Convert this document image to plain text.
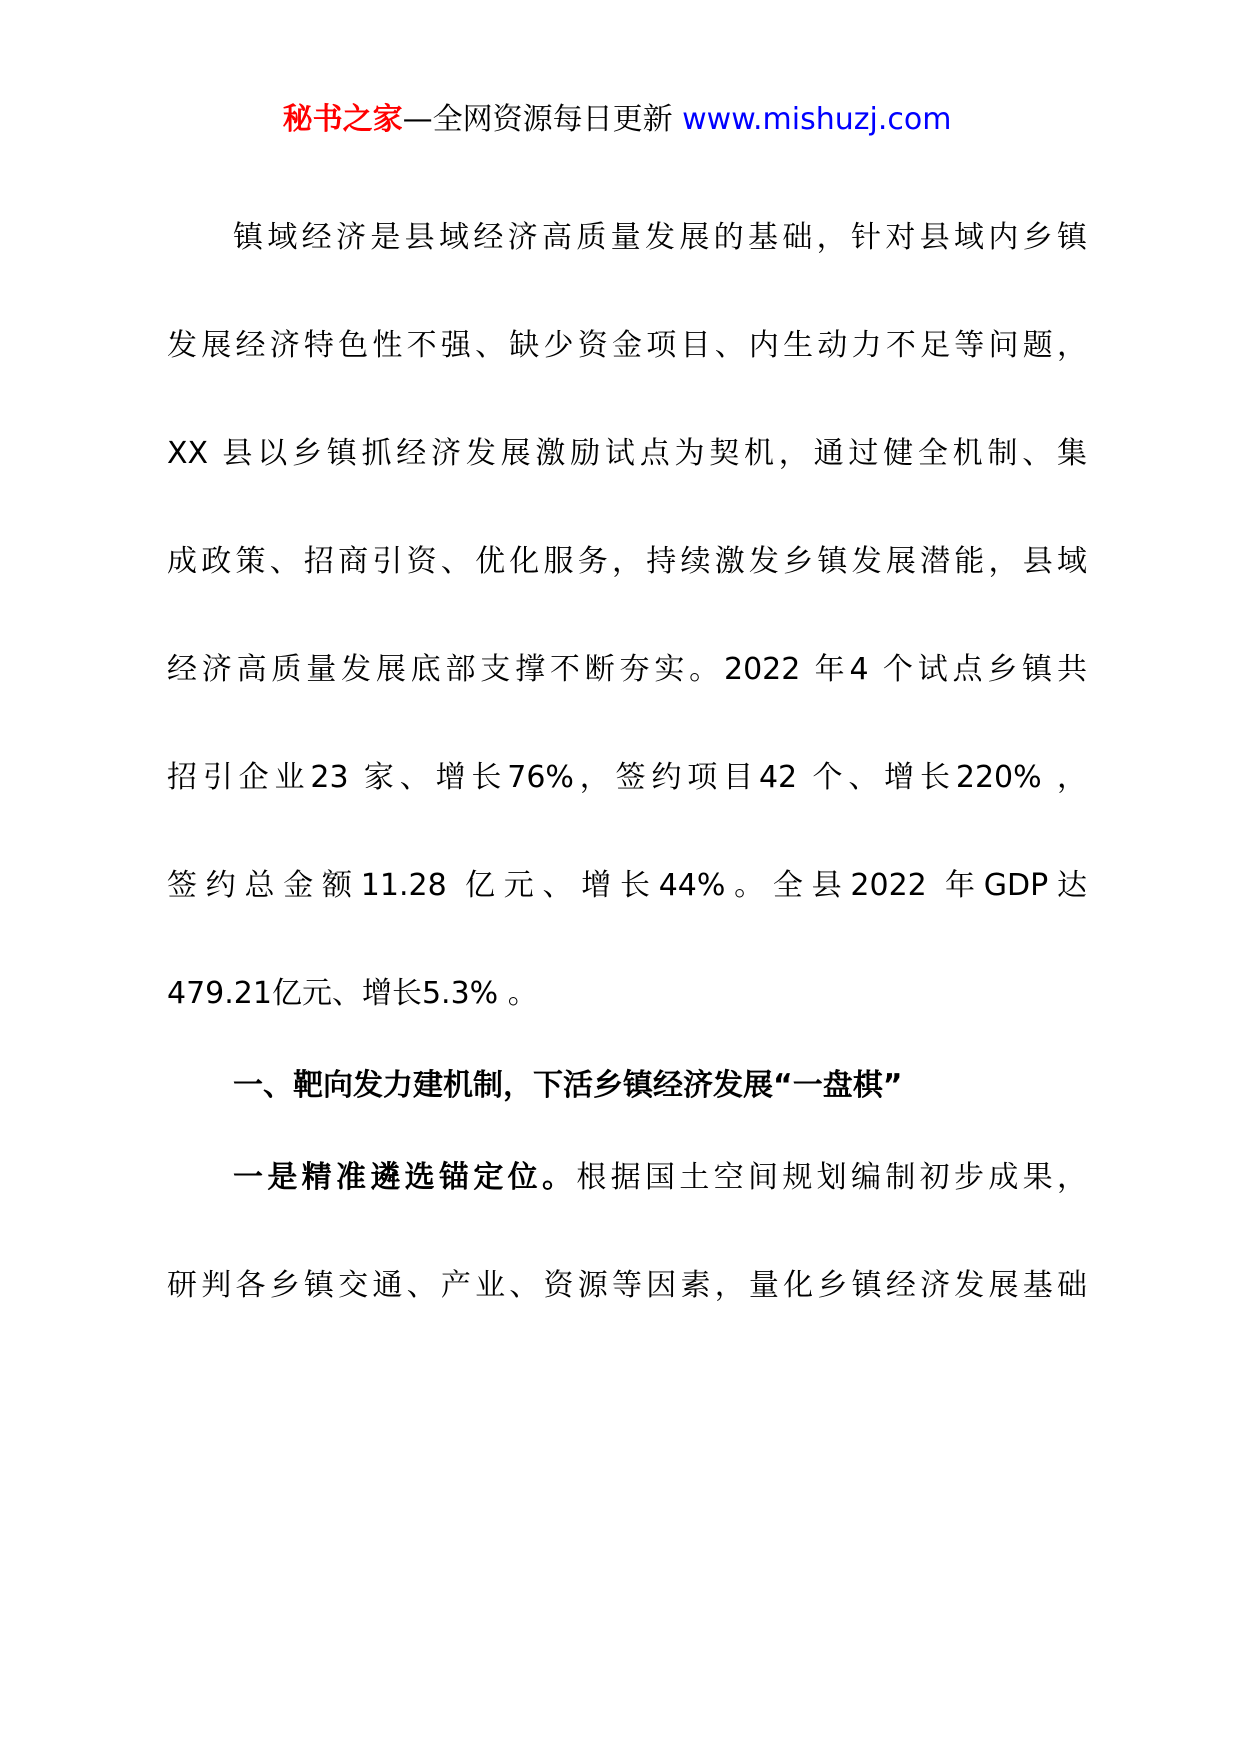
秘书之家—全网资源每日更新 www.mishuzj.com
镇域经济是县域经济高质量发展的基础，针对县域内乡镇
发展经济特色性不强、缺少资金项目、内生动力不足等问题，
XX 县以乡镇抓经济发展激励试点为契机，通过健全机制、集
成政策、招商引资、优化服务，持续激发乡镇发展潜能，县域
经济高质量发展底部支撑不断夯实。2022 年4 个试点乡镇共
招引企业23 家、增长76%，签约项目42 个、增长220% ，
签约总金额11.28 亿元、增长44%。全县2022 年GDP达
479.21亿元、增长5.3% 。
一、靶向发力建机制，下活乡镇经济发展“一盘棋”
一是精准遴选锚定位。根据国土空间规划编制初步成果，
研判各乡镇交通、产业、资源等因素，量化乡镇经济发展基础
